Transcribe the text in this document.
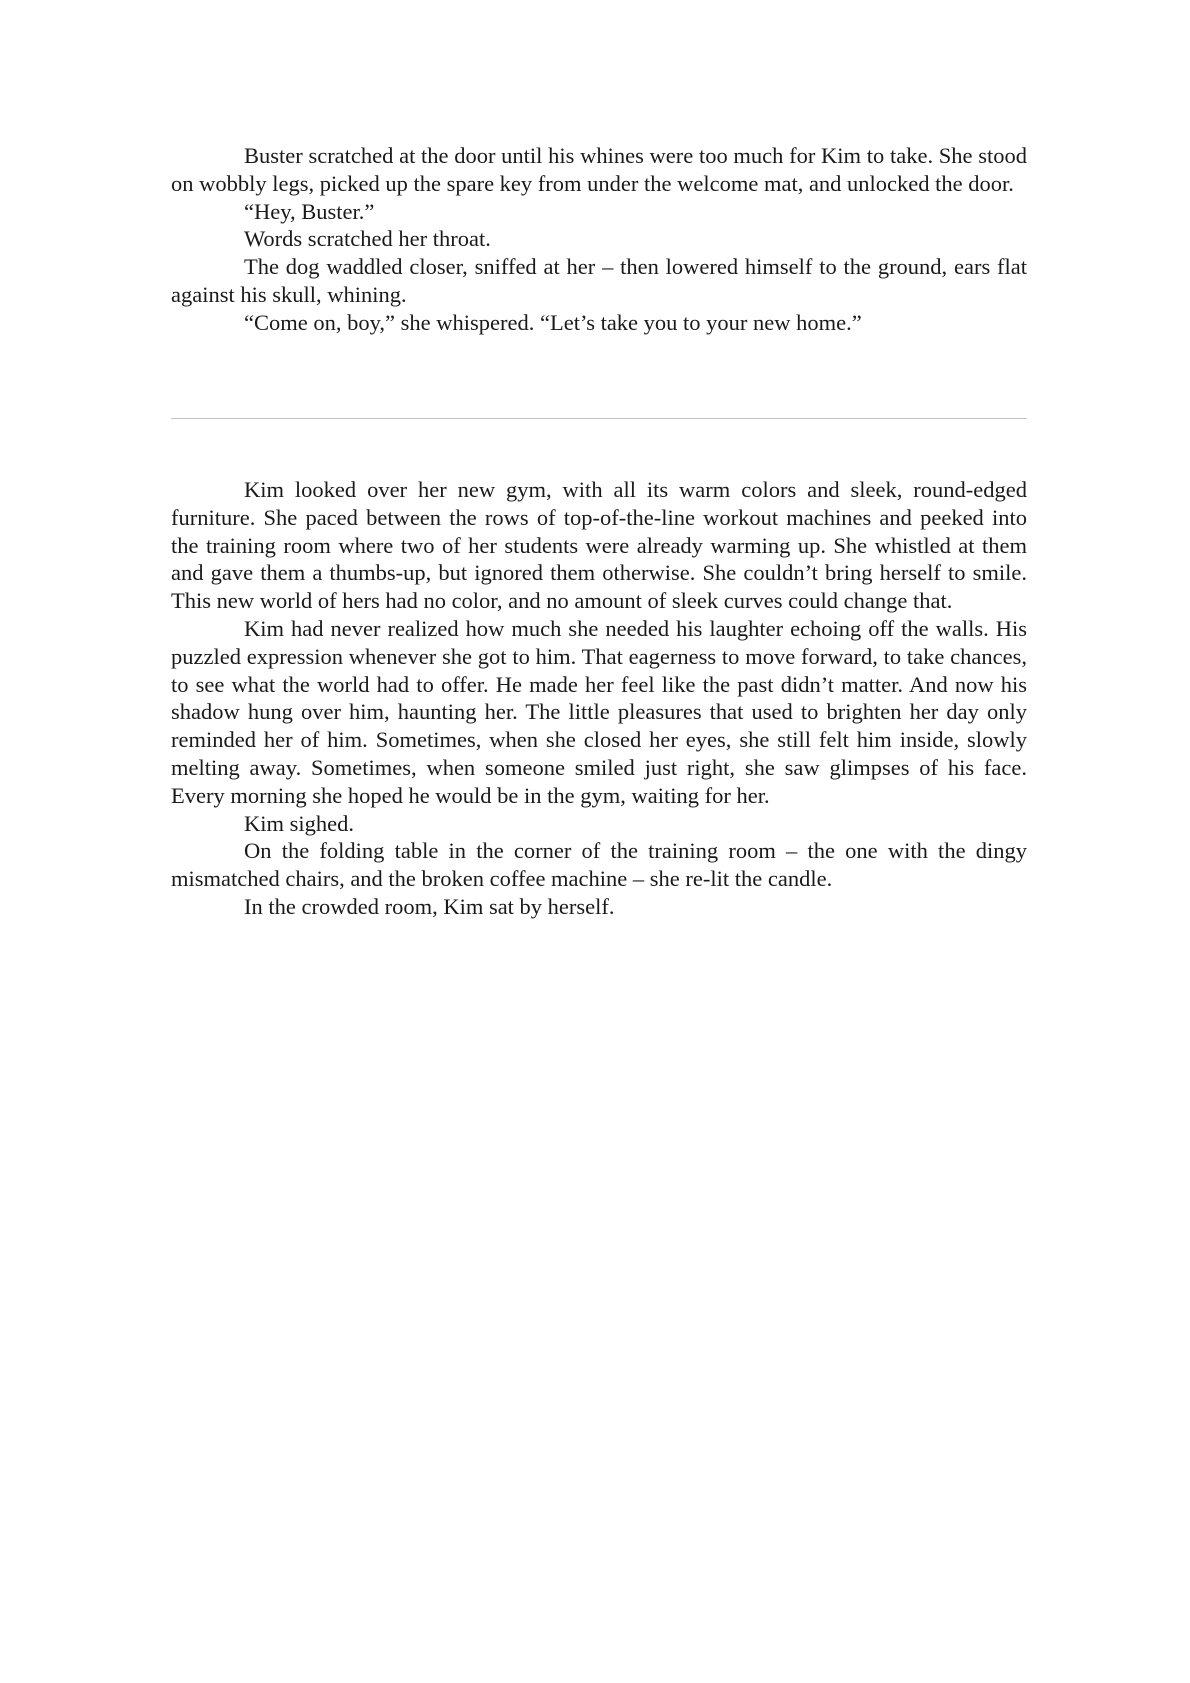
Buster scratched at the door until his whines were too much for Kim to take. She stood on wobbly legs, picked up the spare key from under the welcome mat, and unlocked the door.

“Hey, Buster.”

Words scratched her throat.

The dog waddled closer, sniffed at her – then lowered himself to the ground, ears flat against his skull, whining.

“Come on, boy,” she whispered. “Let’s take you to your new home.”

Kim looked over her new gym, with all its warm colors and sleek, round-edged furniture. She paced between the rows of top-of-the-line workout machines and peeked into the training room where two of her students were already warming up. She whistled at them and gave them a thumbs-up, but ignored them otherwise. She couldn’t bring herself to smile. This new world of hers had no color, and no amount of sleek curves could change that.

Kim had never realized how much she needed his laughter echoing off the walls. His puzzled expression whenever she got to him. That eagerness to move forward, to take chances, to see what the world had to offer. He made her feel like the past didn’t matter. And now his shadow hung over him, haunting her. The little pleasures that used to brighten her day only reminded her of him. Sometimes, when she closed her eyes, she still felt him inside, slowly melting away. Sometimes, when someone smiled just right, she saw glimpses of his face. Every morning she hoped he would be in the gym, waiting for her.

Kim sighed.

On the folding table in the corner of the training room – the one with the dingy mismatched chairs, and the broken coffee machine – she re-lit the candle.

In the crowded room, Kim sat by herself.
